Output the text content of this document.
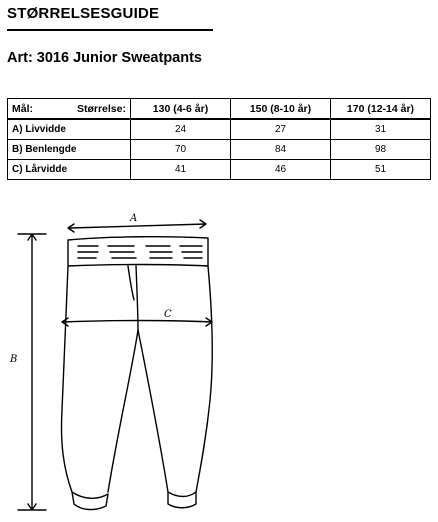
STØRRELSESGUIDE
Art: 3016 Junior Sweatpants
Mål: Størrelse:	130 (4-6 år)	150 (8-10 år)	170 (12-14 år)
A) Livvidde	24	27	31
B) Benlengde	70	84	98
C) Lårvidde	41	46	51
A
B
C
